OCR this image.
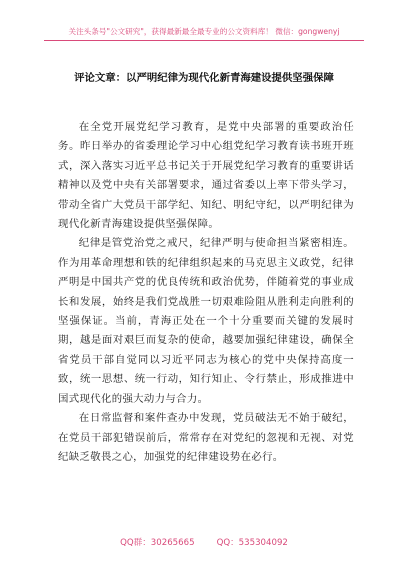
关注头条号"公文研究"，获得最新最全最专业的公文资料库！ 微信：gongwenyj
评论文章：以严明纪律为现代化新青海建设提供坚强保障

在全党开展党纪学习教育，是党中央部署的重要政治任务。昨日举办的省委理论学习中心组党纪学习教育读书班开班式，深入落实习近平总书记关于开展党纪学习教育的重要讲话精神以及党中央有关部署要求，通过省委以上率下带头学习，带动全省广大党员干部学纪、知纪、明纪守纪，以严明纪律为现代化新青海建设提供坚强保障。

纪律是管党治党之戒尺，纪律严明与使命担当紧密相连。作为用革命理想和铁的纪律组织起来的马克思主义政党，纪律严明是中国共产党的优良传统和政治优势，伴随着党的事业成长和发展，始终是我们党战胜一切艰难险阻从胜利走向胜利的坚强保证。当前，青海正处在一个十分重要而关键的发展时期，越是面对艰巨而复杂的使命，越要加强纪律建设，确保全省党员干部自觉同以习近平同志为核心的党中央保持高度一致，统一思想、统一行动，知行知止、令行禁止，形成推进中国式现代化的强大动力与合力。

在日常监督和案件查办中发现，党员破法无不始于破纪，在党员干部犯错误前后，常常存在对党纪的忽视和无视、对党纪缺乏敬畏之心，加强党的纪律建设势在必行。

QQ群：30265665	QQ：535304092
